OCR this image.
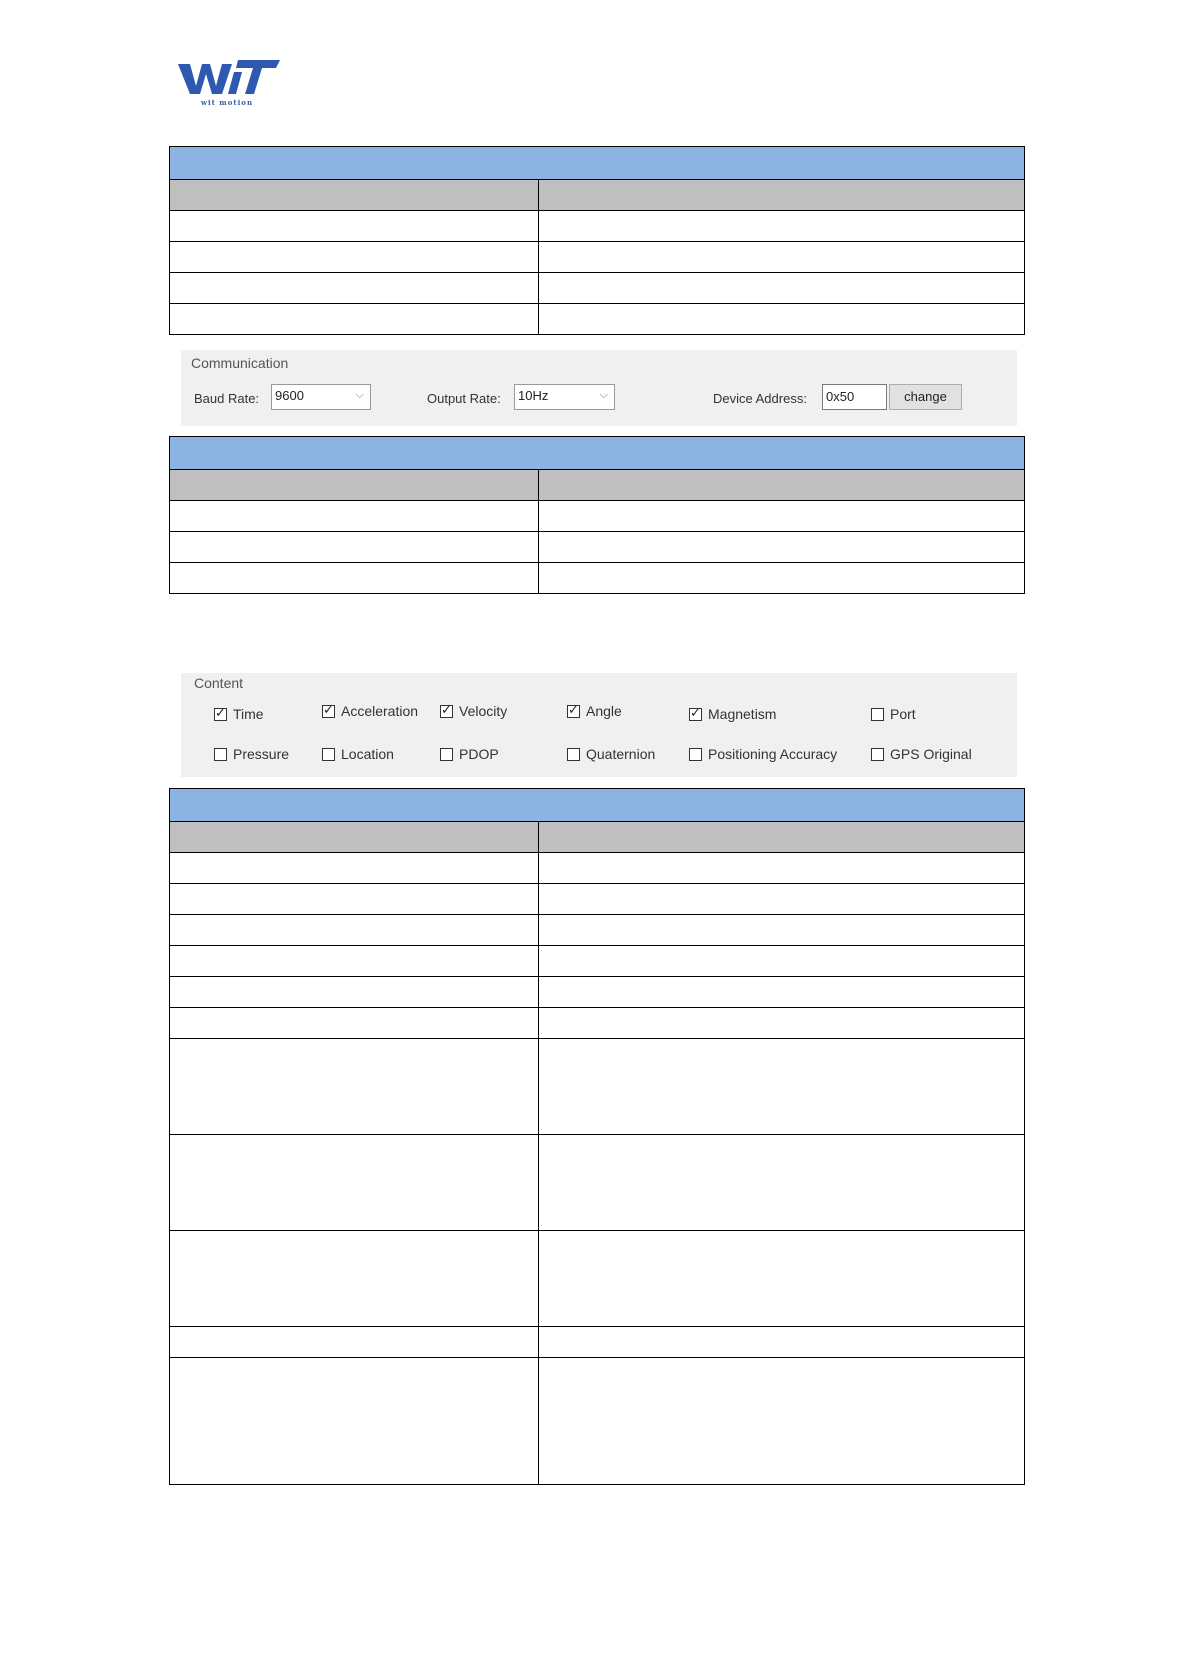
wit motion

Communication
Baud Rate:	9600	⌵	Output Rate:	10Hz	⌵	Device Address:	0x50	change

Content
✓ Time	✓ Acceleration ✓ Velocity	✓ Angle	✓ Magnetism	Port
Pressure	Location	PDOP	Quaternion	Positioning Accuracy	GPS Original
